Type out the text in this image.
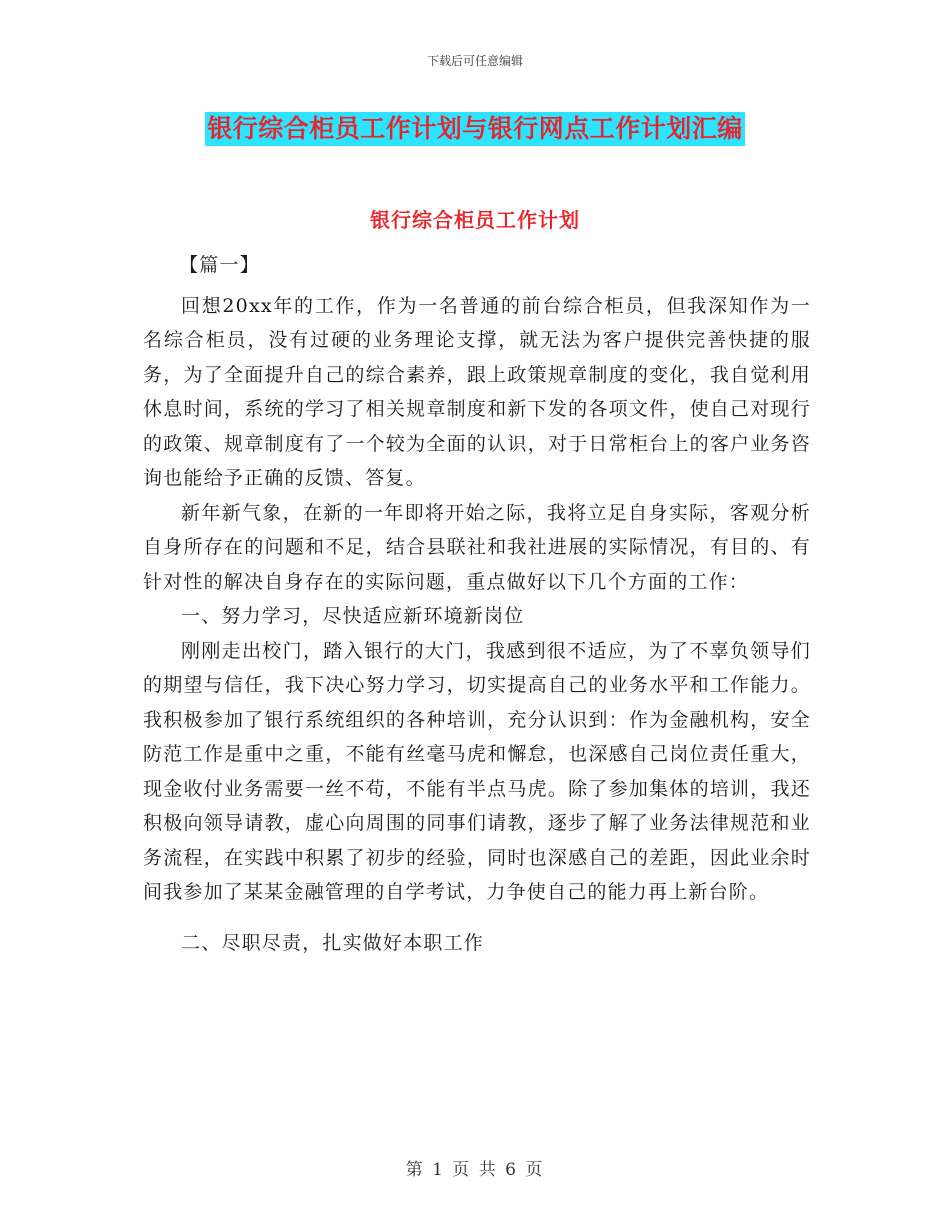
下载后可任意编辑
银行综合柜员工作计划与银行网点工作计划汇编
银行综合柜员工作计划

【篇一】

回想20xx年的工作，作为一名普通的前台综合柜员，但我深知作为一名综合柜员，没有过硬的业务理论支撑，就无法为客户提供完善快捷的服务，为了全面提升自己的综合素养，跟上政策规章制度的变化，我自觉利用休息时间，系统的学习了相关规章制度和新下发的各项文件，使自己对现行的政策、规章制度有了一个较为全面的认识，对于日常柜台上的客户业务咨询也能给予正确的反馈、答复。

新年新气象，在新的一年即将开始之际，我将立足自身实际，客观分析自身所存在的问题和不足，结合县联社和我社进展的实际情况，有目的、有针对性的解决自身存在的实际问题，重点做好以下几个方面的工作：

一、努力学习，尽快适应新环境新岗位

刚刚走出校门，踏入银行的大门，我感到很不适应，为了不辜负领导们的期望与信任，我下决心努力学习，切实提高自己的业务水平和工作能力。我积极参加了银行系统组织的各种培训，充分认识到：作为金融机构，安全防范工作是重中之重，不能有丝毫马虎和懈怠，也深感自己岗位责任重大，现金收付业务需要一丝不苟，不能有半点马虎。除了参加集体的培训，我还积极向领导请教，虚心向周围的同事们请教，逐步了解了业务法律规范和业务流程，在实践中积累了初步的经验，同时也深感自己的差距，因此业余时间我参加了某某金融管理的自学考试，力争使自己的能力再上新台阶。

二、尽职尽责，扎实做好本职工作

第 1 页 共 6 页
